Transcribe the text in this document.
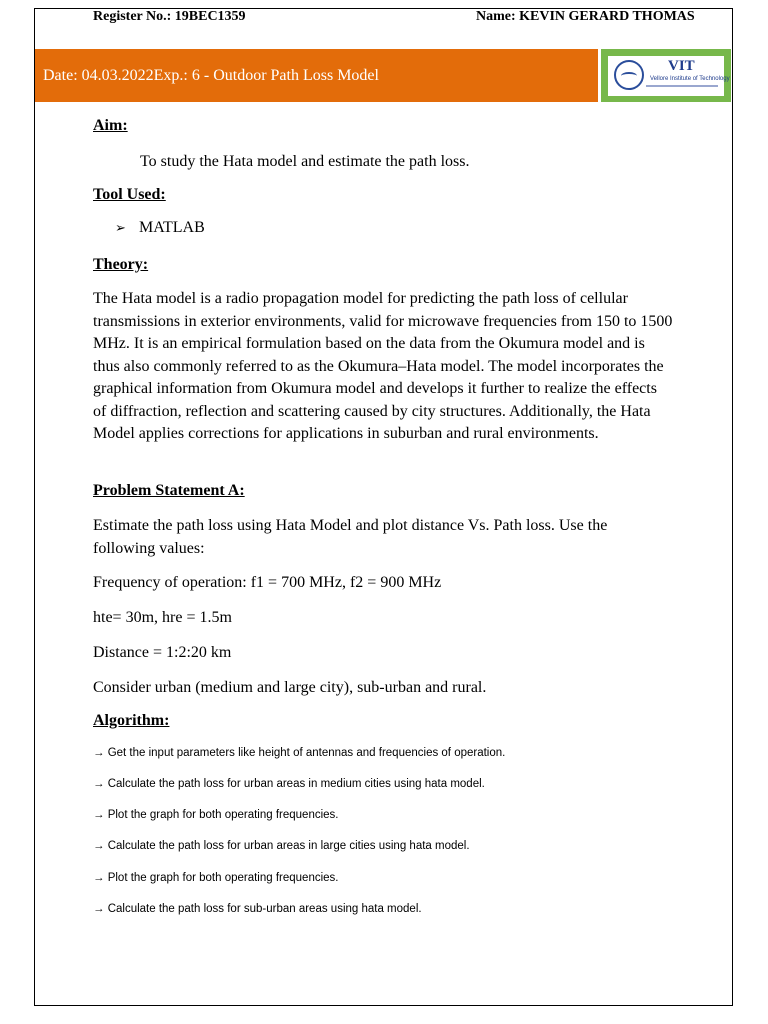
Register No.: 19BEC1359	Name: KEVIN GERARD THOMAS
Date: 04.03.2022Exp.: 6 - Outdoor Path Loss Model
VIT
Vellore Institute of Technology
Aim:
To study the Hata model and estimate the path loss.
Tool Used:
➢ MATLAB
Theory:
The Hata model is a radio propagation model for predicting the path loss of cellular transmissions in exterior environments, valid for microwave frequencies from 150 to 1500 MHz. It is an empirical formulation based on the data from the Okumura model and is thus also commonly referred to as the Okumura–Hata model. The model incorporates the graphical information from Okumura model and develops it further to realize the effects of diffraction, reflection and scattering caused by city structures. Additionally, the Hata Model applies corrections for applications in suburban and rural environments.
Problem Statement A:
Estimate the path loss using Hata Model and plot distance Vs. Path loss. Use the following values:
Frequency of operation: f1 = 700 MHz, f2 = 900 MHz
hte= 30m, hre = 1.5m
Distance = 1:2:20 km
Consider urban (medium and large city), sub-urban and rural.
Algorithm:
→ Get the input parameters like height of antennas and frequencies of operation.
→ Calculate the path loss for urban areas in medium cities using hata model.
→ Plot the graph for both operating frequencies.
→ Calculate the path loss for urban areas in large cities using hata model.
→ Plot the graph for both operating frequencies.
→ Calculate the path loss for sub-urban areas using hata model.
